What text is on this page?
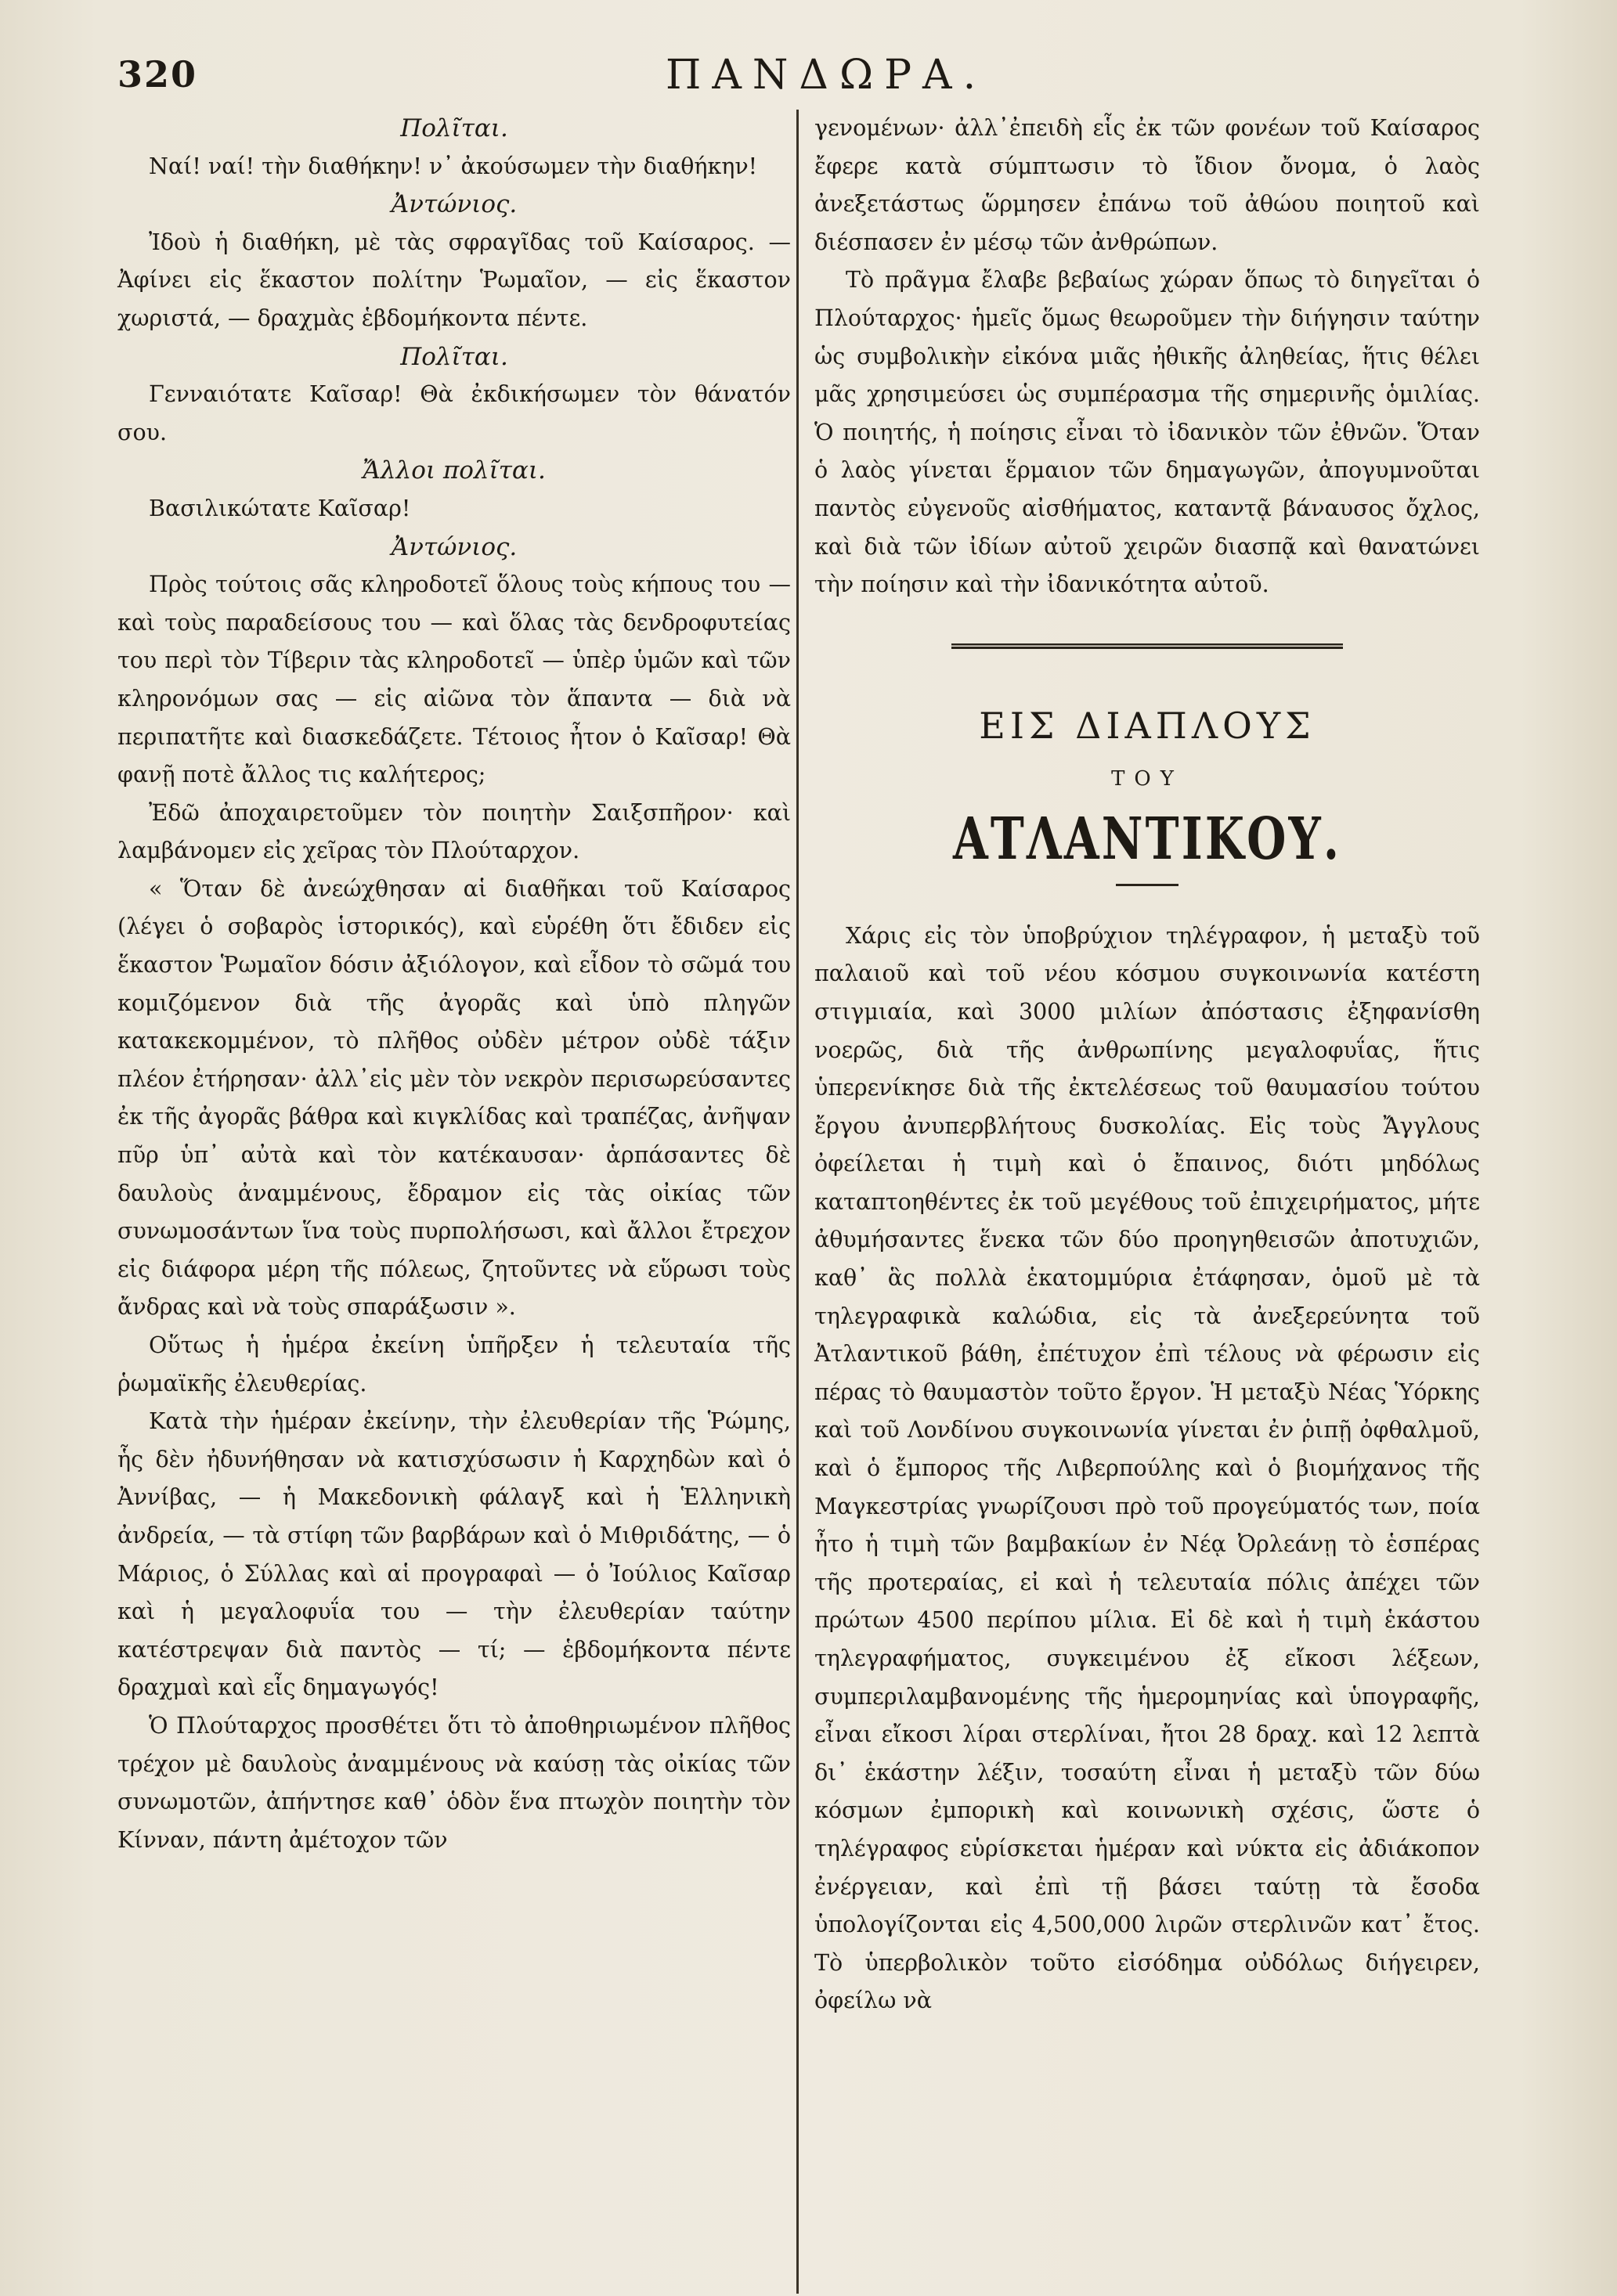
320	ΠΑΝΔΩΡΑ.

Πολῖται.

Ναί! ναί! τὴν διαθήκην! ν᾽ ἀκούσωμεν τὴν διαθήκην!

Ἀντώνιος.

Ἰδοὺ ἡ διαθήκη, μὲ τὰς σφραγῖδας τοῦ Καίσαρος. — Ἀφίνει εἰς ἕκαστον πολίτην Ῥωμαῖον, — εἰς ἕκαστον χωριστά, — δραχμὰς ἑβδομήκοντα πέντε.

Πολῖται.

Γενναιότατε Καῖσαρ! Θὰ ἐκδικήσωμεν τὸν θάνατόν σου.

Ἄλλοι πολῖται.

Βασιλικώτατε Καῖσαρ!

Ἀντώνιος.

Πρὸς τούτοις σᾶς κληροδοτεῖ ὅλους τοὺς κήπους του — καὶ τοὺς παραδείσους του — καὶ ὅλας τὰς δενδροφυτείας του περὶ τὸν Τίβεριν τὰς κληροδοτεῖ — ὑπὲρ ὑμῶν καὶ τῶν κληρονόμων σας — εἰς αἰῶνα τὸν ἅπαντα — διὰ νὰ περιπατῆτε καὶ διασκεδάζετε. Τέτοιος ἦτον ὁ Καῖσαρ! Θὰ φανῇ ποτὲ ἄλλος τις καλήτερος;

Ἐδῶ ἀποχαιρετοῦμεν τὸν ποιητὴν Σαιξσπῆρον· καὶ λαμβάνομεν εἰς χεῖρας τὸν Πλούταρχον.

« Ὅταν δὲ ἀνεώχθησαν αἱ διαθῆκαι τοῦ Καίσαρος (λέγει ὁ σοβαρὸς ἱστορικός), καὶ εὑρέθη ὅτι ἔδιδεν εἰς ἕκαστον Ῥωμαῖον δόσιν ἀξιόλογον, καὶ εἶδον τὸ σῶμά του κομιζόμενον διὰ τῆς ἀγορᾶς καὶ ὑπὸ πληγῶν κατακεκομμένον, τὸ πλῆθος οὐδὲν μέτρον οὐδὲ τάξιν πλέον ἐτήρησαν· ἀλλ᾽εἰς μὲν τὸν νεκρὸν περισωρεύσαντες ἐκ τῆς ἀγορᾶς βάθρα καὶ κιγκλίδας καὶ τραπέζας, ἀνῆψαν πῦρ ὑπ᾽ αὐτὰ καὶ τὸν κατέκαυσαν· ἁρπάσαντες δὲ δαυλοὺς ἀναμμένους, ἔδραμον εἰς τὰς οἰκίας τῶν συνωμοσάντων ἵνα τοὺς πυρπολήσωσι, καὶ ἄλλοι ἔτρεχον εἰς διάφορα μέρη τῆς πόλεως, ζητοῦντες νὰ εὕρωσι τοὺς ἄνδρας καὶ νὰ τοὺς σπαράξωσιν ».

Οὕτως ἡ ἡμέρα ἐκείνη ὑπῆρξεν ἡ τελευταία τῆς ῥωμαϊκῆς ἐλευθερίας.

Κατὰ τὴν ἡμέραν ἐκείνην, τὴν ἐλευθερίαν τῆς Ῥώμης, ἧς δὲν ἠδυνήθησαν νὰ κατισχύσωσιν ἡ Καρχηδὼν καὶ ὁ Ἀννίβας, — ἡ Μακεδονικὴ φάλαγξ καὶ ἡ Ἑλληνικὴ ἀνδρεία, — τὰ στίφη τῶν βαρβάρων καὶ ὁ Μιθριδάτης, — ὁ Μάριος, ὁ Σύλλας καὶ αἱ προγραφαὶ — ὁ Ἰούλιος Καῖσαρ καὶ ἡ μεγαλοφυΐα του — τὴν ἐλευθερίαν ταύτην κατέστρεψαν διὰ παντὸς — τί; — ἑβδομήκοντα πέντε δραχμαὶ καὶ εἷς δημαγωγός!

Ὁ Πλούταρχος προσθέτει ὅτι τὸ ἀποθηριωμένον πλῆθος τρέχον μὲ δαυλοὺς ἀναμμένους νὰ καύσῃ τὰς οἰκίας τῶν συνωμοτῶν, ἀπήντησε καθ᾽ ὁδὸν ἕνα πτωχὸν ποιητὴν τὸν Κίνναν, πάντη ἀμέτοχον τῶν

γενομένων· ἀλλ᾽ἐπειδὴ εἷς ἐκ τῶν φονέων τοῦ Καίσαρος ἔφερε κατὰ σύμπτωσιν τὸ ἴδιον ὄνομα, ὁ λαὸς ἀνεξετάστως ὥρμησεν ἐπάνω τοῦ ἀθώου ποιητοῦ καὶ διέσπασεν ἐν μέσῳ τῶν ἀνθρώπων.

Τὸ πρᾶγμα ἔλαβε βεβαίως χώραν ὅπως τὸ διηγεῖται ὁ Πλούταρχος· ἡμεῖς ὅμως θεωροῦμεν τὴν διήγησιν ταύτην ὡς συμβολικὴν εἰκόνα μιᾶς ἠθικῆς ἀληθείας, ἥτις θέλει μᾶς χρησιμεύσει ὡς συμπέρασμα τῆς σημερινῆς ὁμιλίας. Ὁ ποιητής, ἡ ποίησις εἶναι τὸ ἰδανικὸν τῶν ἐθνῶν. Ὅταν ὁ λαὸς γίνεται ἕρμαιον τῶν δημαγωγῶν, ἀπογυμνοῦται παντὸς εὐγενοῦς αἰσθήματος, καταντᾷ βάναυσος ὄχλος, καὶ διὰ τῶν ἰδίων αὐτοῦ χειρῶν διασπᾷ καὶ θανατώνει τὴν ποίησιν καὶ τὴν ἰδανικότητα αὐτοῦ.

ΕΙΣ ΔΙΑΠΛΟΥΣ
ΤΟΥ
ΑΤΛΑΝΤΙΚΟΥ.

Χάρις εἰς τὸν ὑποβρύχιον τηλέγραφον, ἡ μεταξὺ τοῦ παλαιοῦ καὶ τοῦ νέου κόσμου συγκοινωνία κατέστη στιγμιαία, καὶ 3000 μιλίων ἀπόστασις ἐξηφανίσθη νοερῶς, διὰ τῆς ἀνθρωπίνης μεγαλοφυΐας, ἥτις ὑπερενίκησε διὰ τῆς ἐκτελέσεως τοῦ θαυμασίου τούτου ἔργου ἀνυπερβλήτους δυσκολίας. Εἰς τοὺς Ἄγγλους ὀφείλεται ἡ τιμὴ καὶ ὁ ἔπαινος, διότι μηδόλως καταπτοηθέντες ἐκ τοῦ μεγέθους τοῦ ἐπιχειρήματος, μήτε ἀθυμήσαντες ἕνεκα τῶν δύο προηγηθεισῶν ἀποτυχιῶν, καθ᾽ ἃς πολλὰ ἑκατομμύρια ἐτάφησαν, ὁμοῦ μὲ τὰ τηλεγραφικὰ καλώδια, εἰς τὰ ἀνεξερεύνητα τοῦ Ἀτλαντικοῦ βάθη, ἐπέτυχον ἐπὶ τέλους νὰ φέρωσιν εἰς πέρας τὸ θαυμαστὸν τοῦτο ἔργον. Ἡ μεταξὺ Νέας Ὑόρκης καὶ τοῦ Λονδίνου συγκοινωνία γίνεται ἐν ῥιπῇ ὀφθαλμοῦ, καὶ ὁ ἔμπορος τῆς Λιβερπούλης καὶ ὁ βιομήχανος τῆς Μαγκεστρίας γνωρίζουσι πρὸ τοῦ προγεύματός των, ποία ἦτο ἡ τιμὴ τῶν βαμβακίων ἐν Νέᾳ Ὀρλεάνῃ τὸ ἑσπέρας τῆς προτεραίας, εἰ καὶ ἡ τελευταία πόλις ἀπέχει τῶν πρώτων 4500 περίπου μίλια. Εἰ δὲ καὶ ἡ τιμὴ ἑκάστου τηλεγραφήματος, συγκειμένου ἐξ εἴκοσι λέξεων, συμπεριλαμβανομένης τῆς ἡμερομηνίας καὶ ὑπογραφῆς, εἶναι εἴκοσι λίραι στερλίναι, ἤτοι 28 δραχ. καὶ 12 λεπτὰ δι᾽ ἑκάστην λέξιν, τοσαύτη εἶναι ἡ μεταξὺ τῶν δύω κόσμων ἐμπορικὴ καὶ κοινωνικὴ σχέσις, ὥστε ὁ τηλέγραφος εὑρίσκεται ἡμέραν καὶ νύκτα εἰς ἀδιάκοπον ἐνέργειαν, καὶ ἐπὶ τῇ βάσει ταύτῃ τὰ ἔσοδα ὑπολογίζονται εἰς 4,500,000 λιρῶν στερλινῶν κατ᾽ ἔτος. Τὸ ὑπερβολικὸν τοῦτο εἰσόδημα οὐδόλως διήγειρεν, ὀφείλω νὰ
